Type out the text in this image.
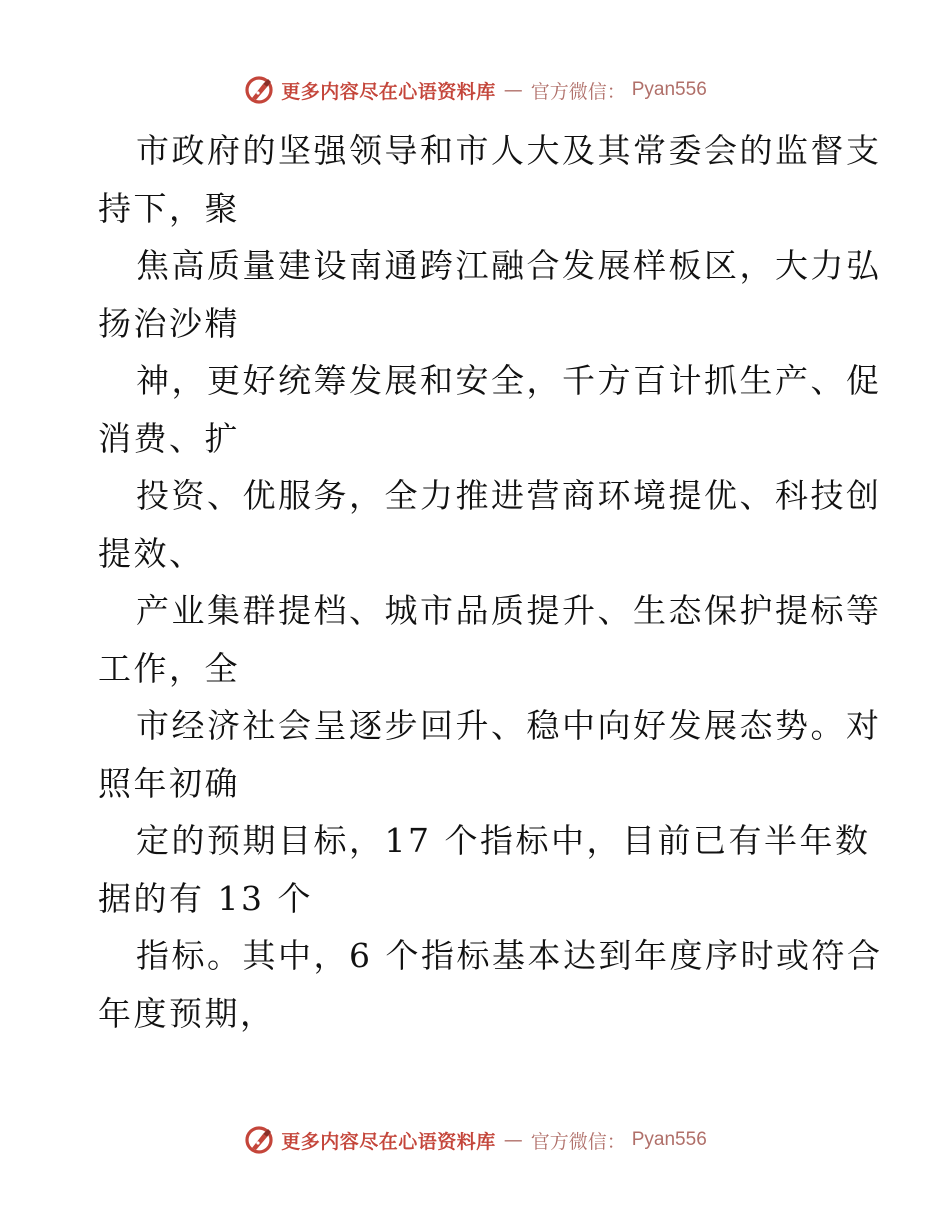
更多内容尽在心语资料库 — 官方微信： Pyan556

市政府的坚强领导和市人大及其常委会的监督支
持下，聚
焦高质量建设南通跨江融合发展样板区，大力弘
扬治沙精
神，更好统筹发展和安全，千方百计抓生产、促
消费、扩
投资、优服务，全力推进营商环境提优、科技创
提效、
产业集群提档、城市品质提升、生态保护提标等
工作，全
市经济社会呈逐步回升、稳中向好发展态势。对
照年初确
定的预期目标，17 个指标中，目前已有半年数
据的有 13 个
指标。其中，6 个指标基本达到年度序时或符合
年度预期，

更多内容尽在心语资料库 — 官方微信： Pyan556
